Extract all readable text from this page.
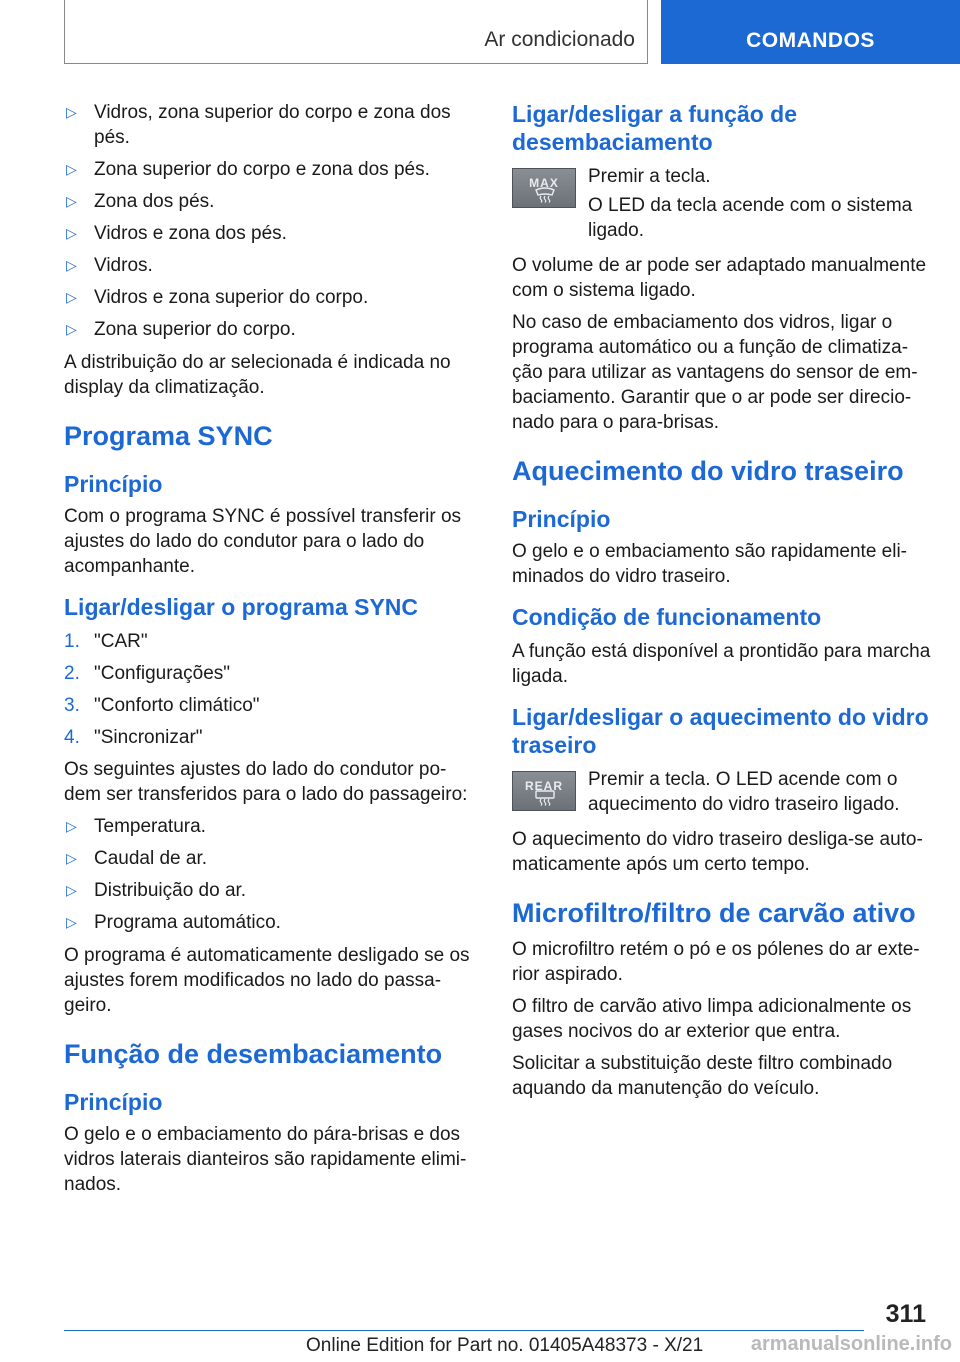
Ar condicionado	COMANDOS
▷ Vidros, zona superior do corpo e zona dos pés.
▷ Zona superior do corpo e zona dos pés.
▷ Zona dos pés.
▷ Vidros e zona dos pés.
▷ Vidros.
▷ Vidros e zona superior do corpo.
▷ Zona superior do corpo.

A distribuição do ar selecionada é indicada no display da climatização.

Programa SYNC
Princípio

Com o programa SYNC é possível transferir os ajustes do lado do condutor para o lado do acompanhante.

Ligar/desligar o programa SYNC
1. "CAR"
2. "Configurações"
3. "Conforto climático"
4. "Sincronizar"

Os seguintes ajustes do lado do condutor po-dem ser transferidos para o lado do passageiro:

▷ Temperatura.
▷ Caudal de ar.
▷ Distribuição do ar.
▷ Programa automático.

O programa é automaticamente desligado se os ajustes forem modificados no lado do passa-geiro.

Função de desembaciamento
Princípio

O gelo e o embaciamento do pára-brisas e dos vidros laterais dianteiros são rapidamente elimi-nados.

Ligar/desligar a função de desembaciamento
MAX	Premir a tecla.

O LED da tecla acende com o sistema ligado.

O volume de ar pode ser adaptado manualmente com o sistema ligado.

No caso de embaciamento dos vidros, ligar o programa automático ou a função de climatiza-ção para utilizar as vantagens do sensor de em-baciamento. Garantir que o ar pode ser direcio-nado para o para-brisas.

Aquecimento do vidro traseiro
Princípio

O gelo e o embaciamento são rapidamente eli-minados do vidro traseiro.

Condição de funcionamento

A função está disponível a prontidão para marcha ligada.

Ligar/desligar o aquecimento do vidro traseiro
REAR	Premir a tecla. O LED acende com o aquecimento do vidro traseiro ligado.

O aquecimento do vidro traseiro desliga-se auto-maticamente após um certo tempo.

Microfiltro/filtro de carvão ativo

O microfiltro retém o pó e os pólenes do ar exte-rior aspirado.

O filtro de carvão ativo limpa adicionalmente os gases nocivos do ar exterior que entra.

Solicitar a substituição deste filtro combinado aquando da manutenção do veículo.

311
Online Edition for Part no. 01405A48373 - X/21 armanualsonline.info
